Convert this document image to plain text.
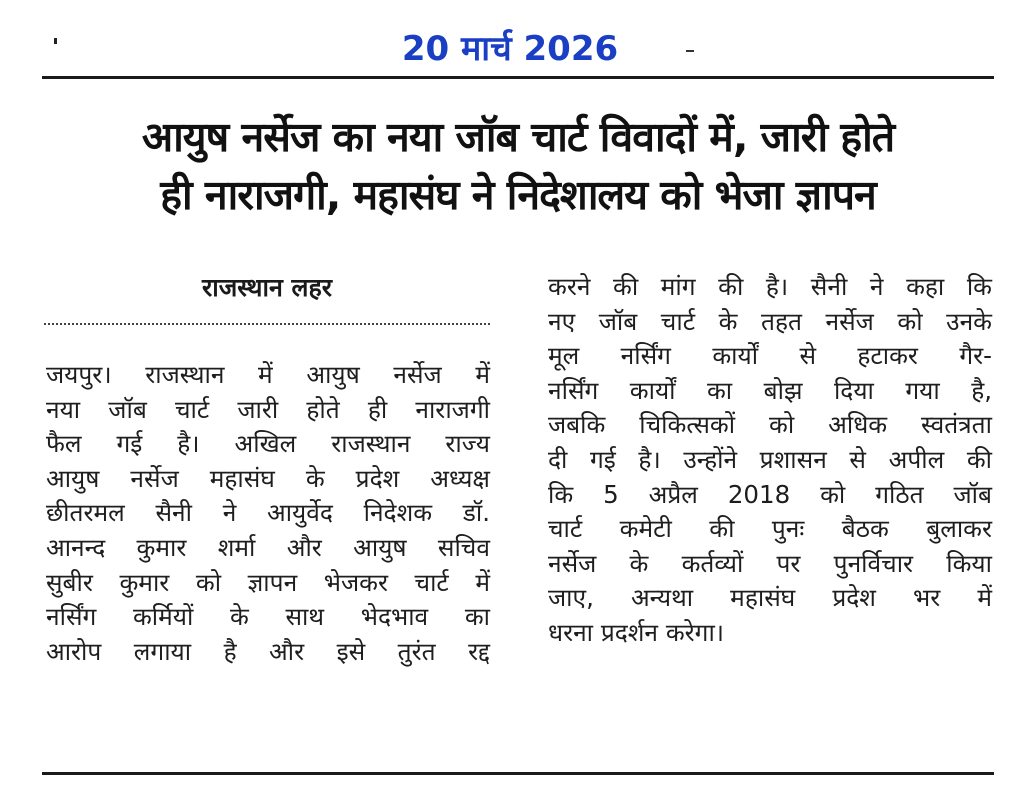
20 मार्च 2026
आयुष नर्सेज का नया जॉब चार्ट विवादों में, जारी होते
ही नाराजगी, महासंघ ने निदेशालय को भेजा ज्ञापन
राजस्थान लहर
जयपुर। राजस्थान में आयुष नर्सेज में
नया जॉब चार्ट जारी होते ही नाराजगी
फैल गई है। अखिल राजस्थान राज्य
आयुष नर्सेज महासंघ के प्रदेश अध्यक्ष
छीतरमल सैनी ने आयुर्वेद निदेशक डॉ.
आनन्द कुमार शर्मा और आयुष सचिव
सुबीर कुमार को ज्ञापन भेजकर चार्ट में
नर्सिंग कर्मियों के साथ भेदभाव का
आरोप लगाया है और इसे तुरंत रद्द
करने की मांग की है। सैनी ने कहा कि
नए जॉब चार्ट के तहत नर्सेज को उनके
मूल नर्सिंग कार्यों से हटाकर गैर-
नर्सिंग कार्यों का बोझ दिया गया है,
जबकि चिकित्सकों को अधिक स्वतंत्रता
दी गई है। उन्होंने प्रशासन से अपील की
कि 5 अप्रैल 2018 को गठित जॉब
चार्ट कमेटी की पुनः बैठक बुलाकर
नर्सेज के कर्तव्यों पर पुनर्विचार किया
जाए, अन्यथा महासंघ प्रदेश भर में
धरना प्रदर्शन करेगा।
